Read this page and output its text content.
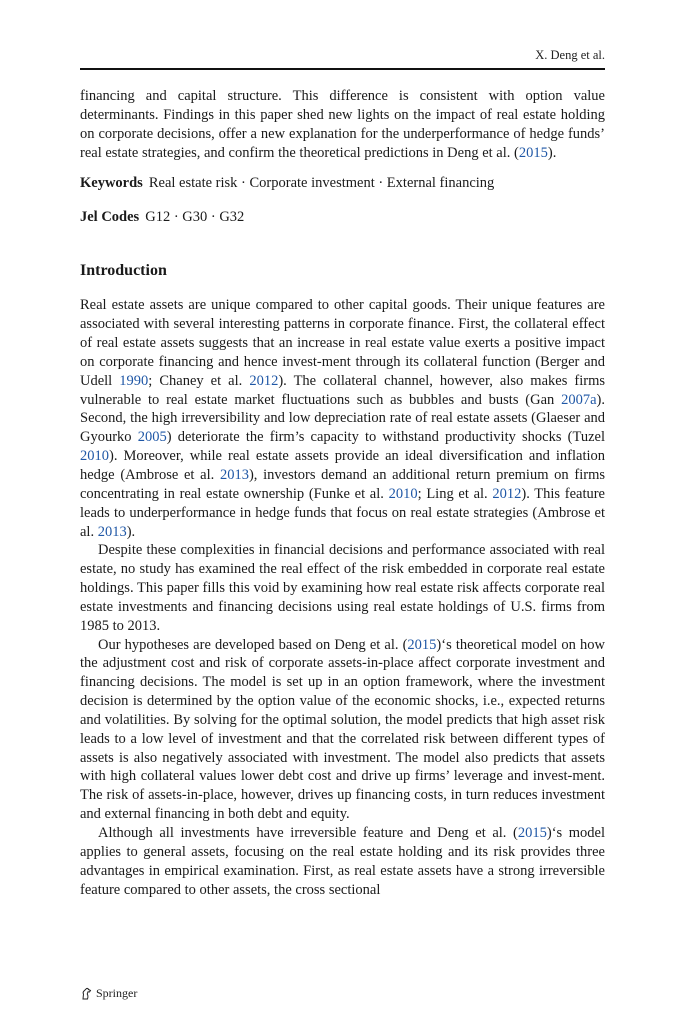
X. Deng et al.

financing and capital structure. This difference is consistent with option value determinants. Findings in this paper shed new lights on the impact of real estate holding on corporate decisions, offer a new explanation for the underperformance of hedge funds’ real estate strategies, and confirm the theoretical predictions in Deng et al. (2015).

Keywords Real estate risk · Corporate investment · External financing
Jel Codes G12 · G30 · G32
Introduction

Real estate assets are unique compared to other capital goods. Their unique features are associated with several interesting patterns in corporate finance. First, the collateral effect of real estate assets suggests that an increase in real estate value exerts a positive impact on corporate financing and hence invest-ment through its collateral function (Berger and Udell 1990; Chaney et al. 2012). The collateral channel, however, also makes firms vulnerable to real estate market fluctuations such as bubbles and busts (Gan 2007a). Second, the high irreversibility and low depreciation rate of real estate assets (Glaeser and Gyourko 2005) deteriorate the firm’s capacity to withstand productivity shocks (Tuzel 2010). Moreover, while real estate assets provide an ideal diversification and inflation hedge (Ambrose et al. 2013), investors demand an additional return premium on firms concentrating in real estate ownership (Funke et al. 2010; Ling et al. 2012). This feature leads to underperformance in hedge funds that focus on real estate strategies (Ambrose et al. 2013).

Despite these complexities in financial decisions and performance associated with real estate, no study has examined the real effect of the risk embedded in corporate real estate holdings. This paper fills this void by examining how real estate risk affects corporate real estate investments and financing decisions using real estate holdings of U.S. firms from 1985 to 2013.

Our hypotheses are developed based on Deng et al. (2015)‘s theoretical model on how the adjustment cost and risk of corporate assets-in-place affect corporate investment and financing decisions. The model is set up in an option framework, where the investment decision is determined by the option value of the economic shocks, i.e., expected returns and volatilities. By solving for the optimal solution, the model predicts that high asset risk leads to a low level of investment and that the correlated risk between different types of assets is also negatively associated with investment. The model also predicts that assets with high collateral values lower debt cost and drive up firms’ leverage and invest-ment. The risk of assets-in-place, however, drives up financing costs, in turn reduces investment and external financing in both debt and equity.

Although all investments have irreversible feature and Deng et al. (2015)‘s model applies to general assets, focusing on the real estate holding and its risk provides three advantages in empirical examination. First, as real estate assets have a strong irreversible feature compared to other assets, the cross sectional

Springer
